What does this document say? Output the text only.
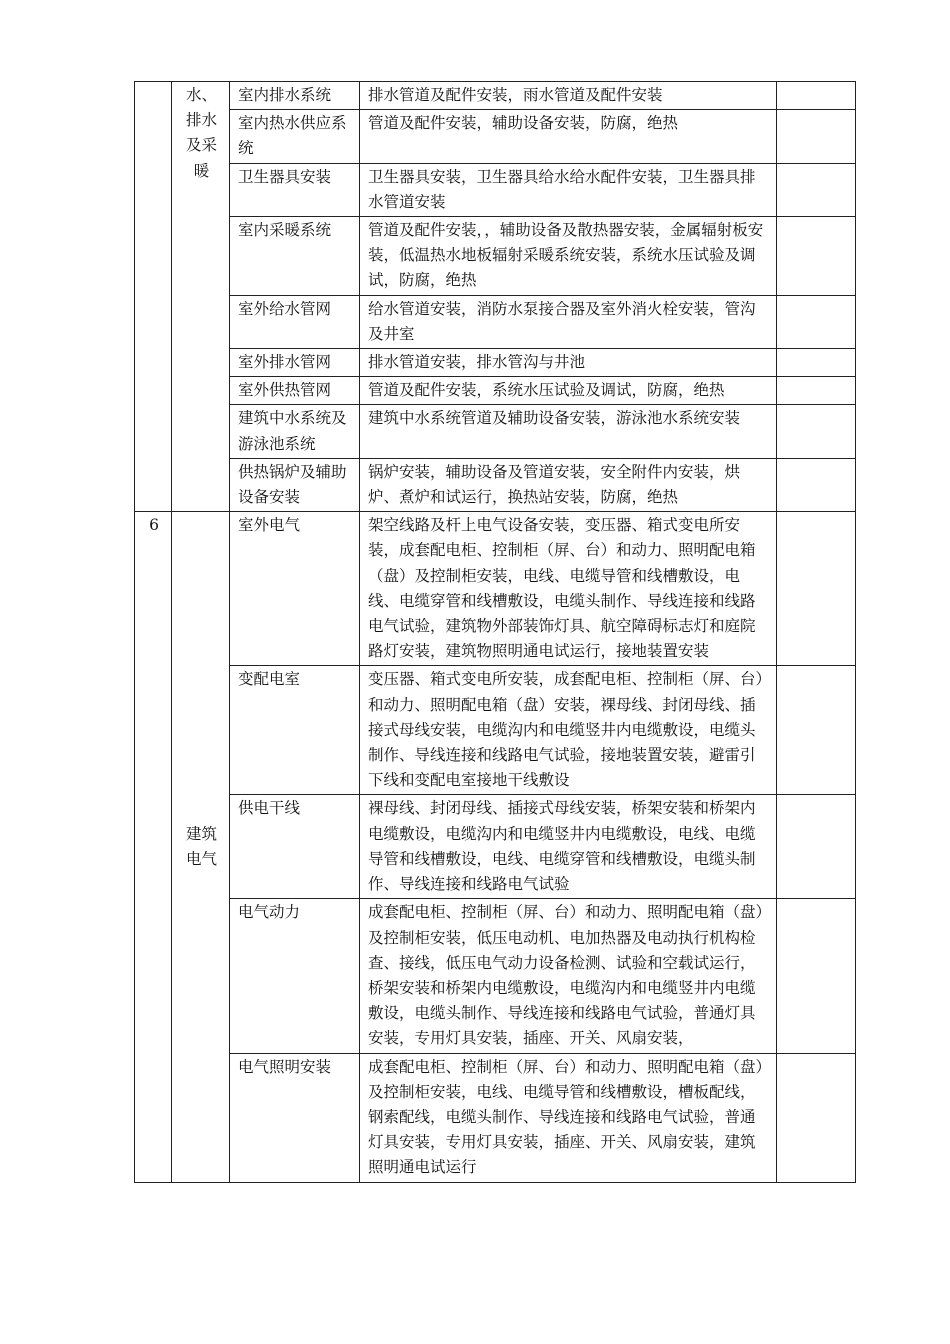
	水、排水及采暖	室内排水系统	排水管道及配件安装，雨水管道及配件安装	
		室内热水供应系统	管道及配件安装，辅助设备安装，防腐，绝热	
		卫生器具安装	卫生器具安装，卫生器具给水给水配件安装，卫生器具排水管道安装	
		室内采暖系统	管道及配件安装，，辅助设备及散热器安装，金属辐射板安装，低温热水地板辐射采暖系统安装，系统水压试验及调试，防腐，绝热	
		室外给水管网	给水管道安装，消防水泵接合器及室外消火栓安装，管沟及井室	
		室外排水管网	排水管道安装，排水管沟与井池	
		室外供热管网	管道及配件安装，系统水压试验及调试，防腐，绝热	
		建筑中水系统及游泳池系统	建筑中水系统管道及辅助设备安装，游泳池水系统安装	
		供热锅炉及辅助设备安装	锅炉安装，辅助设备及管道安装，安全附件内安装，烘炉、煮炉和试运行，换热站安装，防腐，绝热	
6	建筑电气	室外电气	架空线路及杆上电气设备安装，变压器、箱式变电所安装，成套配电柜、控制柜（屏、台）和动力、照明配电箱（盘）及控制柜安装，电线、电缆导管和线槽敷设，电线、电缆穿管和线槽敷设，电缆头制作、导线连接和线路电气试验，建筑物外部装饰灯具、航空障碍标志灯和庭院路灯安装，建筑物照明通电试运行，接地装置安装	
		变配电室	变压器、箱式变电所安装，成套配电柜、控制柜（屏、台）和动力、照明配电箱（盘）安装，裸母线、封闭母线、插接式母线安装，电缆沟内和电缆竖井内电缆敷设，电缆头制作、导线连接和线路电气试验，接地装置安装，避雷引下线和变配电室接地干线敷设	
		供电干线	裸母线、封闭母线、插接式母线安装，桥架安装和桥架内电缆敷设，电缆沟内和电缆竖井内电缆敷设，电线、电缆导管和线槽敷设，电线、电缆穿管和线槽敷设，电缆头制作、导线连接和线路电气试验	
		电气动力	成套配电柜、控制柜（屏、台）和动力、照明配电箱（盘）及控制柜安装，低压电动机、电加热器及电动执行机构检查、接线，低压电气动力设备检测、试验和空载试运行，桥架安装和桥架内电缆敷设，电缆沟内和电缆竖井内电缆敷设，电缆头制作、导线连接和线路电气试验，普通灯具安装，专用灯具安装，插座、开关、风扇安装，	
		电气照明安装	成套配电柜、控制柜（屏、台）和动力、照明配电箱（盘）及控制柜安装，电线、电缆导管和线槽敷设，槽板配线，钢索配线，电缆头制作、导线连接和线路电气试验，普通灯具安装，专用灯具安装，插座、开关、风扇安装，建筑照明通电试运行	
